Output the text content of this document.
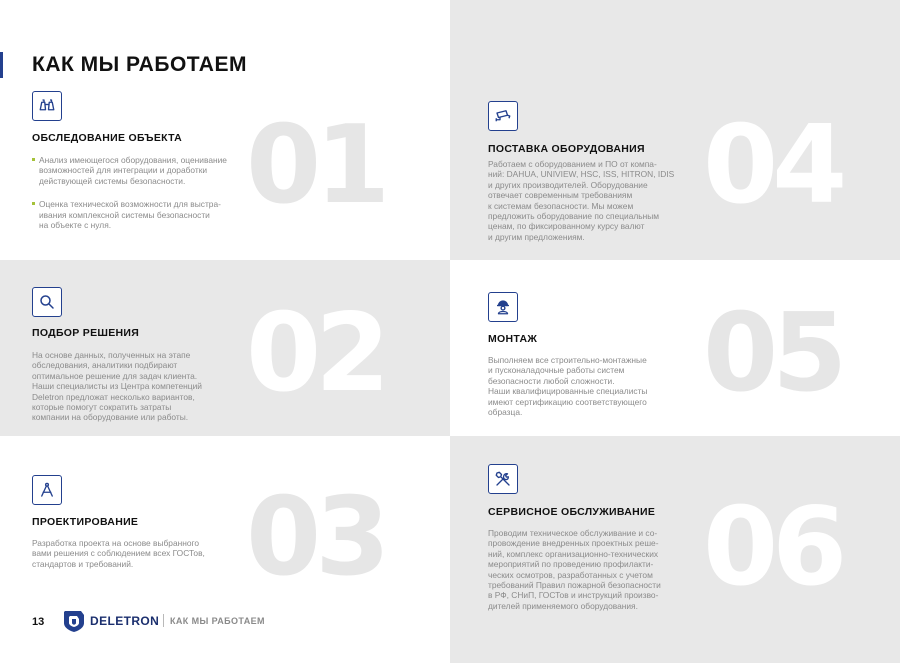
01
КАК МЫ РАБОТАЕМ
ОБСЛЕДОВАНИЕ ОБЪЕКТА
Анализ имеющегося оборудования, оценивание
возможностей для интеграции и доработки
действующей системы безопасности.
Оценка технической возможности для выстра-
ивания комплексной системы безопасности
на объекте с нуля.	04
ПОСТАВКА ОБОРУДОВАНИЯ
Работаем с оборудованием и ПО от компа-
ний: DAHUA, UNIVIEW, HSC, ISS, HITRON, IDIS
и других производителей. Оборудование
отвечает современным требованиям
к системам безопасности. Мы можем
предложить оборудование по специальным
ценам, по фиксированному курсу валют
и другим предложениям.
02
ПОДБОР РЕШЕНИЯ
На основе данных, полученных на этапе
обследования, аналитики подбирают
оптимальное решение для задач клиента.
Наши специалисты из Центра компетенций
Deletron предложат несколько вариантов,
которые помогут сократить затраты
компании на оборудование или работы.
05
МОНТАЖ
Выполняем все строительно-монтажные
и пусконаладочные работы систем
безопасности любой сложности.
Наши квалифицированные специалисты
имеют сертификацию соответствующего
образца.
03
ПРОЕКТИРОВАНИЕ
Разработка проекта на основе выбранного
вами решения с соблюдением всех ГОСТов,
стандартов и требований.
13	DELETRON КАК МЫ РАБОТАЕМ
06
СЕРВИСНОЕ ОБСЛУЖИВАНИЕ
Проводим техническое обслуживание и со-
провождение внедренных проектных реше-
ний, комплекс организационно-технических
мероприятий по проведению профилакти-
ческих осмотров, разработанных с учетом
требований Правил пожарной безопасности
в РФ, СНиП, ГОСТов и инструкций произво-
дителей применяемого оборудования.
